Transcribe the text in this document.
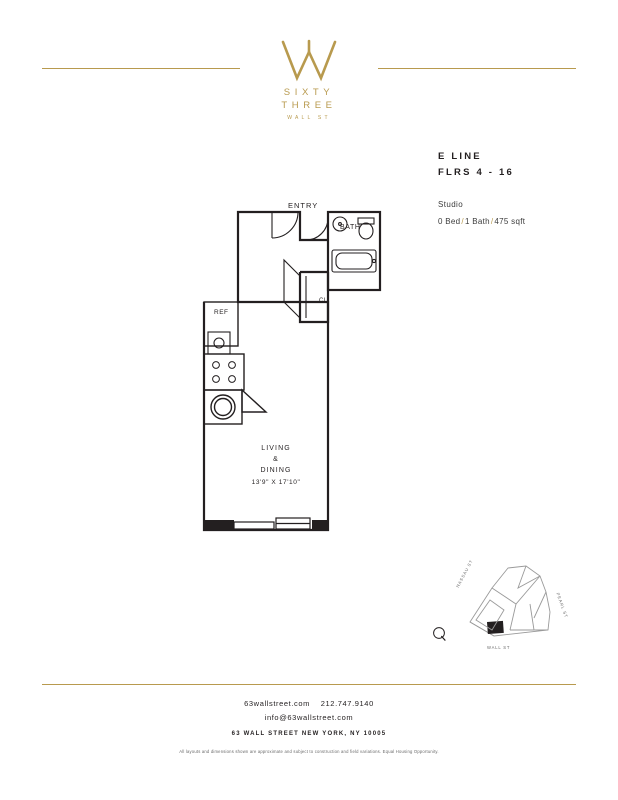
SIXTY
THREE
WALL ST
E LINE
FLRS 4 - 16
Studio
0 Bed/1 Bath/475 sqft
ENTRY
BATH
REF
CL
LIVING
&
DINING
13'9" X 17'10"
NASSAU ST
PEARL ST
WALL ST
63wallstreet.com 212.747.9140
info@63wallstreet.com
63 WALL STREET NEW YORK, NY 10005
All layouts and dimensions shown are approximate and subject to construction and field variations. Equal Housing Opportunity.
